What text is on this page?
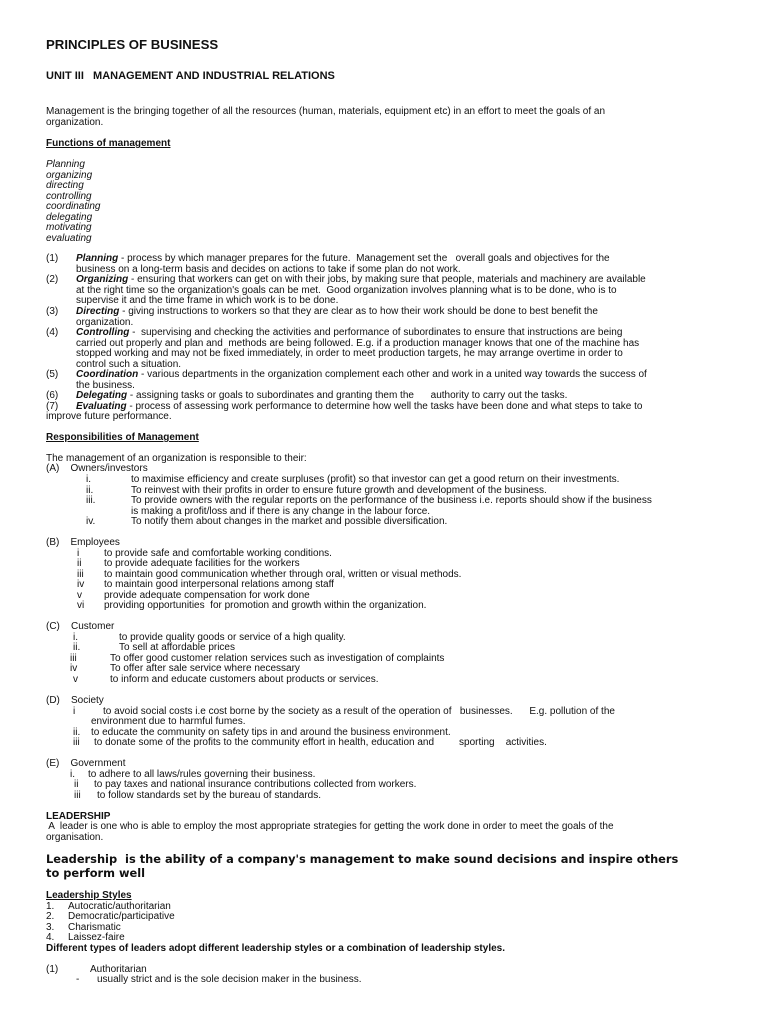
PRINCIPLES OF BUSINESS
UNIT III   MANAGEMENT AND INDUSTRIAL RELATIONS
Management is the bringing together of all the resources (human, materials, equipment etc) in an effort to meet the goals of an
organization.
Functions of management
Planning
organizing
directing
controlling
coordinating
delegating
motivating
evaluating
(1) Planning - process by which manager prepares for the future.  Management set the   overall goals and objectives for the
business on a long-term basis and decides on actions to take if some plan do not work.
(2) Organizing - ensuring that workers can get on with their jobs, by making sure that people, materials and machinery are available
at the right time so the organization's goals can be met.  Good organization involves planning what is to be done, who is to
supervise it and the time frame in which work is to be done.
(3) Directing - giving instructions to workers so that they are clear as to how their work should be done to best benefit the
organization.
(4) Controlling -  supervising and checking the activities and performance of subordinates to ensure that instructions are being
carried out properly and plan and  methods are being followed. E.g. if a production manager knows that one of the machine has
stopped working and may not be fixed immediately, in order to meet production targets, he may arrange overtime in order to
control such a situation.
(5) Coordination - various departments in the organization complement each other and work in a united way towards the success of
the business.
(6) Delegating - assigning tasks or goals to subordinates and granting them the      authority to carry out the tasks.
(7) Evaluating - process of assessing work performance to determine how well the tasks have been done and what steps to take to
improve future performance.
Responsibilities of Management
The management of an organization is responsible to their:
(A)    Owners/investors
i.	to maximise efficiency and create surpluses (profit) so that investor can get a good return on their investments.
ii.	To reinvest with their profits in order to ensure future growth and development of the business.
iii.	To provide owners with the regular reports on the performance of the business i.e. reports should show if the business
is making a profit/loss and if there is any change in the labour force.
iv.	To notify them about changes in the market and possible diversification.
(B)    Employees
i to provide safe and comfortable working conditions.
ii to provide adequate facilities for the workers
iii to maintain good communication whether through oral, written or visual methods.
iv to maintain good interpersonal relations among staff
v provide adequate compensation for work done
vi providing opportunities  for promotion and growth within the organization.
(C)    Customer
i.	to provide quality goods or service of a high quality.
ii.	To sell at affordable prices
iii	To offer good customer relation services such as investigation of complaints
iv	To offer after sale service where necessary
v	to inform and educate customers about products or services.
(D)    Society
i	to avoid social costs i.e cost borne by the society as a result of the operation of   businesses.      E.g. pollution of the
environment due to harmful fumes.
ii. to educate the community on safety tips in and around the business environment.
iii to donate some of the profits to the community effort in health, education and         sporting    activities.
(E)    Government
i. to adhere to all laws/rules governing their business.
ii to pay taxes and national insurance contributions collected from workers.
iii to follow standards set by the bureau of standards.
LEADERSHIP
A  leader is one who is able to employ the most appropriate strategies for getting the work done in order to meet the goals of the
organisation.
Leadership  is the ability of a company's management to make sound decisions and inspire others
to perform well
Leadership Styles
1. Autocratic/authoritarian
2. Democratic/participative
3. Charismatic
4. Laissez-faire
Different types of leaders adopt different leadership styles or a combination of leadership styles.
(1)	Authoritarian
- usually strict and is the sole decision maker in the business.
